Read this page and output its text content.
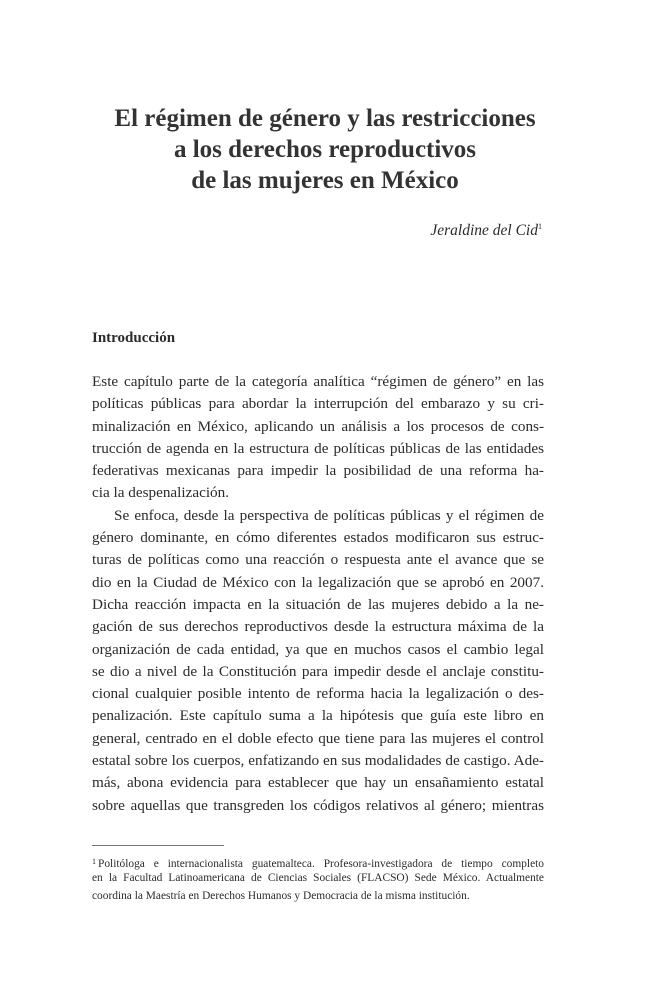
El régimen de género y las restricciones
a los derechos reproductivos
de las mujeres en México
Jeraldine del Cid$^1$
Introducción
Este capítulo parte de la categoría analítica “régimen de género” en las
políticas públicas para abordar la interrupción del embarazo y su cri-
minalización en México, aplicando un análisis a los procesos de cons-
trucción de agenda en la estructura de políticas públicas de las entidades
federativas mexicanas para impedir la posibilidad de una reforma ha-
cia la despenalización.
Se enfoca, desde la perspectiva de políticas públicas y el régimen de
género dominante, en cómo diferentes estados modificaron sus estruc-
turas de políticas como una reacción o respuesta ante el avance que se
dio en la Ciudad de México con la legalización que se aprobó en 2007.
Dicha reacción impacta en la situación de las mujeres debido a la ne-
gación de sus derechos reproductivos desde la estructura máxima de la
organización de cada entidad, ya que en muchos casos el cambio legal
se dio a nivel de la Constitución para impedir desde el anclaje constitu-
cional cualquier posible intento de reforma hacia la legalización o des-
penalización. Este capítulo suma a la hipótesis que guía este libro en
general, centrado en el doble efecto que tiene para las mujeres el control
estatal sobre los cuerpos, enfatizando en sus modalidades de castigo. Ade-
más, abona evidencia para establecer que hay un ensañamiento estatal
sobre aquellas que transgreden los códigos relativos al género; mientras
$^1$ Politóloga e internacionalista guatemalteca. Profesora-investigadora de tiempo completo
en la Facultad Latinoamericana de Ciencias Sociales (FLACSO) Sede México. Actualmente
coordina la Maestría en Derechos Humanos y Democracia de la misma institución.
